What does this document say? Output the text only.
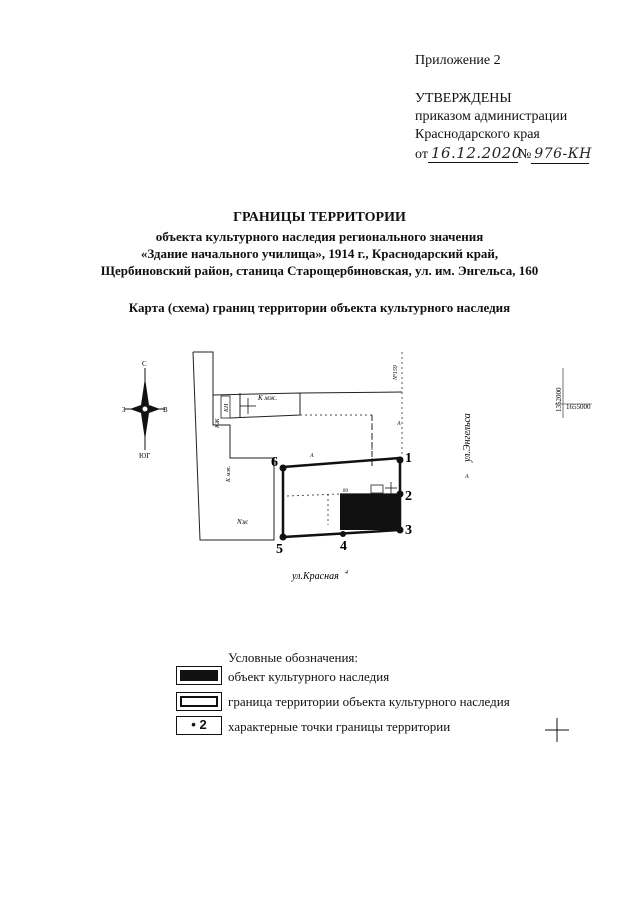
Приложение 2
УТВЕРЖДЕНЫ
приказом администрации
Краснодарского края
от 16.12.2020№ 976-КН
ГРАНИЦЫ ТЕРРИТОРИИ
объекта культурного наследия регионального значения
«Здание начального училища», 1914 г., Краснодарский край,
Щербиновский район, станица Старощербиновская, ул. им. Энгельса, 160
Карта (схема) границ территории объекта культурного наследия
С
ЮГ
З	В	1352000 1655000
1
2
3
4
5
6
К мж.
К мж.
КН
КЖ
Nж
Nº159
А
А
А
89
ул.Энгельса
ул.Красная 4
Условные обозначения:
объект культурного наследия
граница территории объекта культурного наследия
• 2	характерные точки границы территории
